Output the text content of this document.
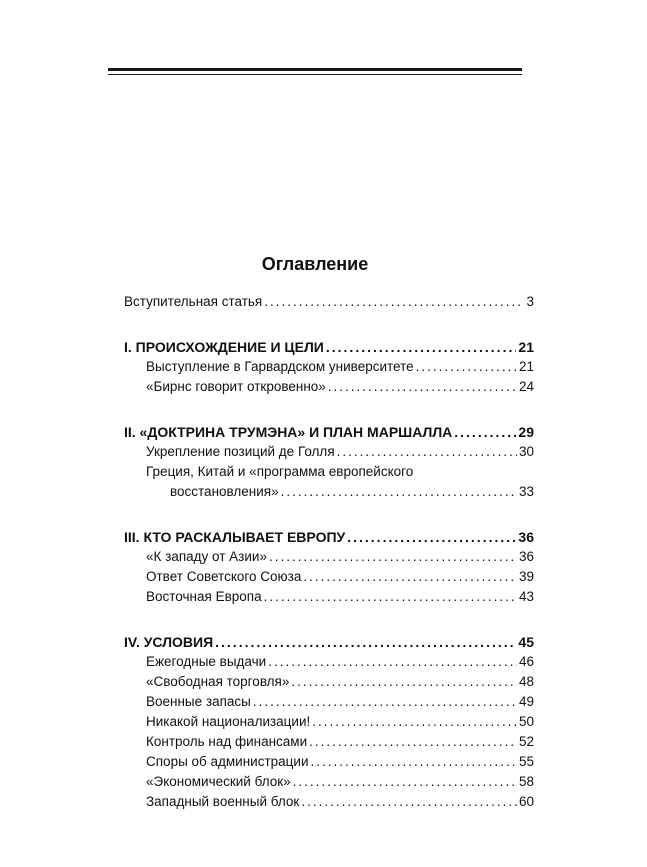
Оглавление
Вступительная статья .....	3
I. ПРОИСХОЖДЕНИЕ И ЦЕЛИ .....	21
Выступление в Гарвардском университете .....	21
«Бирнс говорит откровенно» .....	24
II. «ДОКТРИНА ТРУМЭНА» И ПЛАН МАРШАЛЛА .....	29
Укрепление позиций де Голля .....	30
Греция, Китай и «программа европейского
восстановления» .....	33
III. КТО РАСКАЛЫВАЕТ ЕВРОПУ .....	36
«К западу от Азии» .....	36
Ответ Советского Союза .....	39
Восточная Европа .....	43
IV. УСЛОВИЯ .....	45
Ежегодные выдачи .....	46
«Свободная торговля» .....	48
Военные запасы .....	49
Никакой национализации! .....	50
Контроль над финансами .....	52
Споры об администрации .....	55
«Экономический блок» .....	58
Западный военный блок .....	60
